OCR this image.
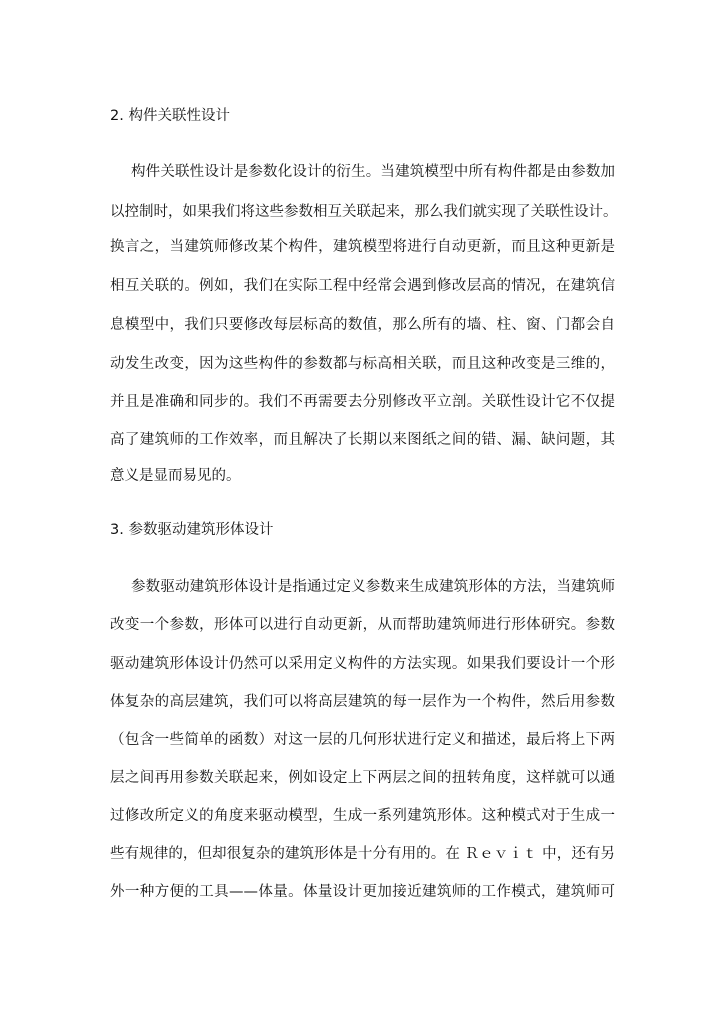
2. 构件关联性设计
构件关联性设计是参数化设计的衍生。当建筑模型中所有构件都是由参数加
以控制时，如果我们将这些参数相互关联起来，那么我们就实现了关联性设计。
换言之，当建筑师修改某个构件，建筑模型将进行自动更新，而且这种更新是
相互关联的。例如，我们在实际工程中经常会遇到修改层高的情况，在建筑信
息模型中，我们只要修改每层标高的数值，那么所有的墙、柱、窗、门都会自
动发生改变，因为这些构件的参数都与标高相关联，而且这种改变是三维的，
并且是准确和同步的。我们不再需要去分别修改平立剖。关联性设计它不仅提
高了建筑师的工作效率，而且解决了长期以来图纸之间的错、漏、缺问题，其
意义是显而易见的。
3. 参数驱动建筑形体设计
参数驱动建筑形体设计是指通过定义参数来生成建筑形体的方法，当建筑师
改变一个参数，形体可以进行自动更新，从而帮助建筑师进行形体研究。参数
驱动建筑形体设计仍然可以采用定义构件的方法实现。如果我们要设计一个形
体复杂的高层建筑，我们可以将高层建筑的每一层作为一个构件，然后用参数
（包含一些简单的函数）对这一层的几何形状进行定义和描述，最后将上下两
层之间再用参数关联起来，例如设定上下两层之间的扭转角度，这样就可以通
过修改所定义的角度来驱动模型，生成一系列建筑形体。这种模式对于生成一
些有规律的，但却很复杂的建筑形体是十分有用的。在 Ｒｅｖｉｔ 中，还有另
外一种方便的工具——体量。体量设计更加接近建筑师的工作模式，建筑师可
